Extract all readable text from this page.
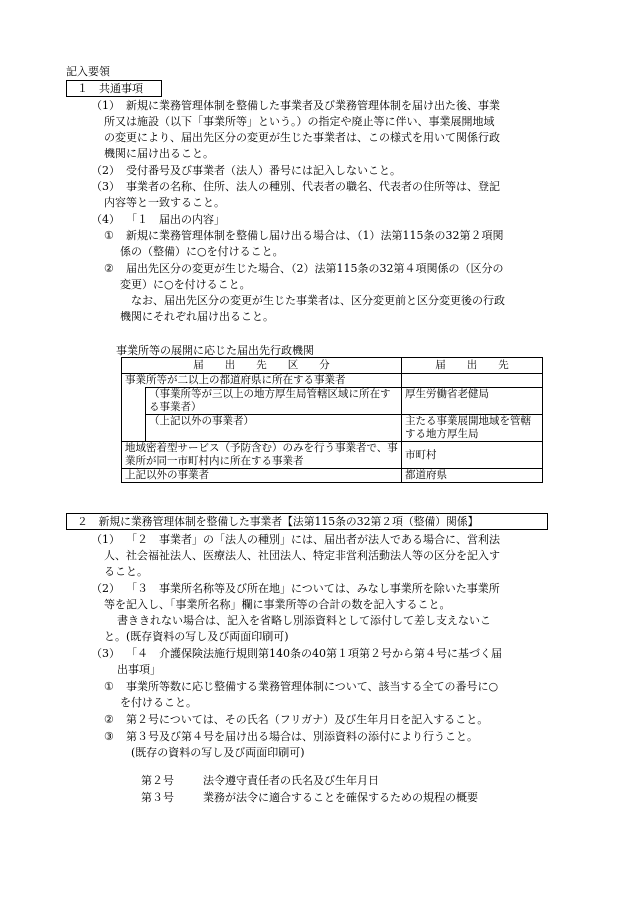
記入要領
１　共通事項
（1） 新規に業務管理体制を整備した事業者及び業務管理体制を届け出た後、事業
所又は施設（以下「事業所等」という。）の指定や廃止等に伴い、事業展開地域
の変更により、届出先区分の変更が生じた事業者は、この様式を用いて関係行政
機関に届け出ること。
（2） 受付番号及び事業者（法人）番号には記入しないこと。
（3） 事業者の名称、住所、法人の種別、代表者の職名、代表者の住所等は、登記
内容等と一致すること。
（4） 「１　届出の内容」
① 新規に業務管理体制を整備し届け出る場合は、（1）法第115条の32第２項関
係の（整備）に○を付けること。
② 届出先区分の変更が生じた場合、（2）法第115条の32第４項関係の（区分の
変更）に○を付けること。
なお、届出先区分の変更が生じた事業者は、区分変更前と区分変更後の行政
機関にそれぞれ届け出ること。
事業所等の展開に応じた届出先行政機関
届　　出　　先　　区　　分		届　　出　　先
事業所等が二以上の都道府県に所在する事業者		
	（事業所等が三以上の地方厚生局管轄区域に所在する事業者）	厚生労働省老健局
	（上記以外の事業者）	主たる事業展開地域を管轄する地方厚生局
地域密着型サービス（予防含む）のみを行う事業者で、事業所が同一市町村内に所在する事業者		市町村
上記以外の事業者		都道府県
２　新規に業務管理体制を整備した事業者【法第115条の32第２項（整備）関係】
（1） 「２　事業者」の「法人の種別」には、届出者が法人である場合に、営利法
人、社会福祉法人、医療法人、社団法人、特定非営利活動法人等の区分を記入す
ること。
（2） 「３　事業所名称等及び所在地」については、みなし事業所を除いた事業所
等を記入し、「事業所名称」欄に事業所等の合計の数を記入すること。
書ききれない場合は、記入を省略し別添資料として添付して差し支えないこ
と。(既存資料の写し及び両面印刷可)
（3） 「４　介護保険法施行規則第140条の40第１項第２号から第４号に基づく届
出事項」
① 事業所等数に応じ整備する業務管理体制について、該当する全ての番号に○
を付けること。
② 第２号については、その氏名（フリガナ）及び生年月日を記入すること。
③ 第３号及び第４号を届け出る場合は、別添資料の添付により行うこと。
(既存の資料の写し及び両面印刷可)
第２号	法令遵守責任者の氏名及び生年月日
第３号	業務が法令に適合することを確保するための規程の概要
